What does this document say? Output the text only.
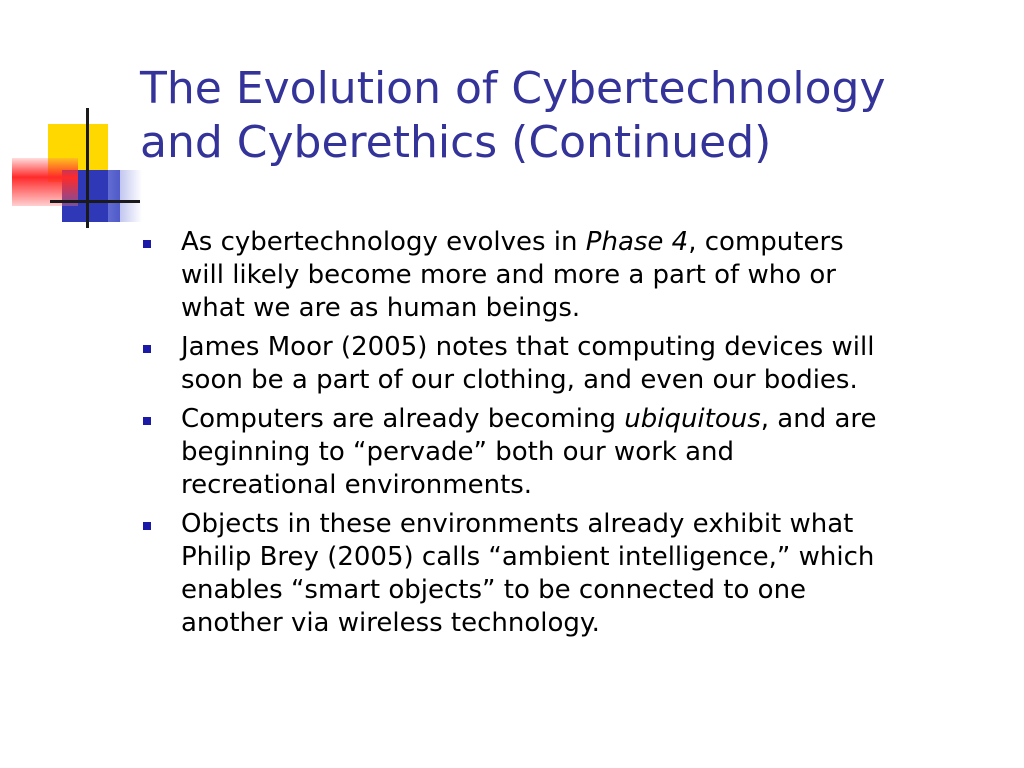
The Evolution of Cybertechnology
and Cyberethics (Continued)
As cybertechnology evolves in Phase 4, computers
will likely become more and more a part of who or
what we are as human beings.
James Moor (2005) notes that computing devices will
soon be a part of our clothing, and even our bodies.
Computers are already becoming ubiquitous, and are
beginning to “pervade” both our work and
recreational environments.
Objects in these environments already exhibit what
Philip Brey (2005) calls “ambient intelligence,” which
enables “smart objects” to be connected to one
another via wireless technology.
